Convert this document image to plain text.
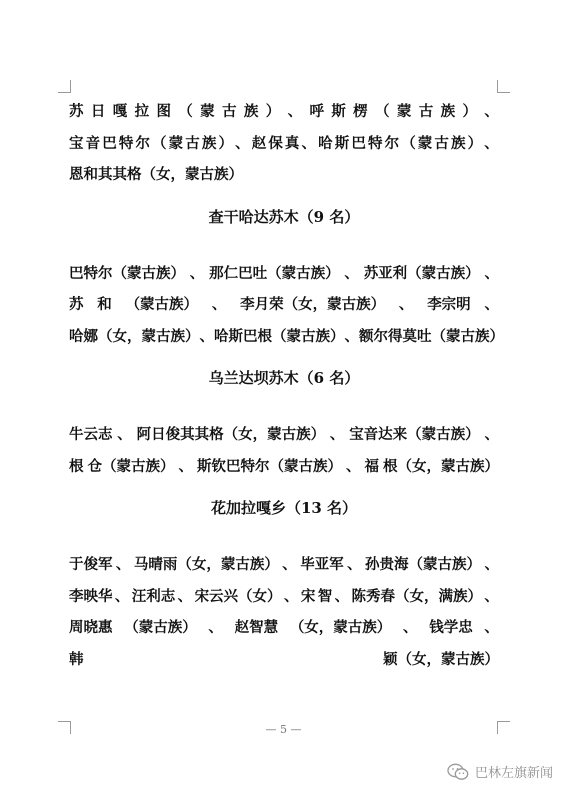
苏 日 嘎 拉 图 （ 蒙 古 族 ） 、 呼 斯 楞 （ 蒙 古 族 ） 、
宝 音 巴 特 尔 （ 蒙 古 族 ） 、 赵 保 真 、 哈 斯 巴 特 尔 （ 蒙 古 族 ） 、
恩和其其格（女，蒙古族）
查干哈达苏木（9 名）
巴特尔（蒙古族） 、 那仁巴吐（蒙古族） 、 苏亚利（蒙古族） 、
苏 和 （蒙古族） 、 李月荣（女，蒙古族） 、 李宗明 、
哈 娜（女，蒙古族） 、 哈斯巴根（蒙古族） 、 额尔得莫吐（蒙古族）
乌兰达坝苏木（6 名）
牛云志 、 阿日俊其其格（女，蒙古族） 、 宝音达来（蒙古族） 、
根 仓（蒙古族） 、 斯钦巴特尔（蒙古族） 、 福 根（女，蒙古族）
花加拉嘎乡（13 名）
于俊军 、 马晴雨（女，蒙古族） 、 毕亚军 、 孙贵海（蒙古族） 、
李映华 、 汪利志 、 宋云兴（女） 、 宋 智 、 陈秀春（女，满族） 、
周晓惠 （蒙古族） 、 赵智慧 （女，蒙古族） 、 钱学忠 、
韩	颖（女，蒙古族）
— 5 —
巴林左旗新闻
